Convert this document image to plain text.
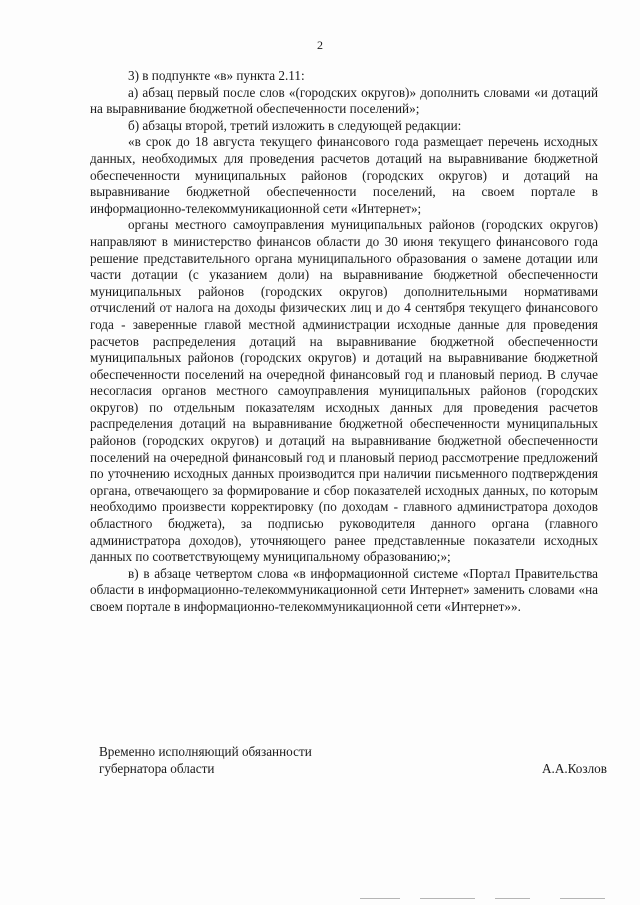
2

3) в подпункте «в» пункта 2.11:

а) абзац первый после слов «(городских округов)» дополнить словами «и дотаций на выравнивание бюджетной обеспеченности поселений»;

б) абзацы второй, третий изложить в следующей редакции:

«в срок до 18 августа текущего финансового года размещает перечень исходных данных, необходимых для проведения расчетов дотаций на выравнивание бюджетной обеспеченности муниципальных районов (городских округов) и дотаций на выравнивание бюджетной обеспеченности поселений, на своем портале в информационно-телекоммуникационной сети «Интернет»;

органы местного самоуправления муниципальных районов (городских округов) направляют в министерство финансов области до 30 июня текущего финансового года решение представительного органа муниципального образования о замене дотации или части дотации (с указанием доли) на выравнивание бюджетной обеспеченности муниципальных районов (городских округов) дополнительными нормативами отчислений от налога на доходы физических лиц и до 4 сентября текущего финансового года - заверенные главой местной администрации исходные данные для проведения расчетов распределения дотаций на выравнивание бюджетной обеспеченности муниципальных районов (городских округов) и дотаций на выравнивание бюджетной обеспеченности поселений на очередной финансовый год и плановый период. В случае несогласия органов местного самоуправления муниципальных районов (городских округов) по отдельным показателям исходных данных для проведения расчетов распределения дотаций на выравнивание бюджетной обеспеченности муниципальных районов (городских округов) и дотаций на выравнивание бюджетной обеспеченности поселений на очередной финансовый год и плановый период рассмотрение предложений по уточнению исходных данных производится при наличии письменного подтверждения органа, отвечающего за формирование и сбор показателей исходных данных, по которым необходимо произвести корректировку (по доходам - главного администратора доходов областного бюджета), за подписью руководителя данного органа (главного администратора доходов), уточняющего ранее представленные показатели исходных данных по соответствующему муниципальному образованию;»;

в) в абзаце четвертом слова «в информационной системе «Портал Правительства области в информационно-телекоммуникационной сети Интернет» заменить словами «на своем портале в информационно-телекоммуникационной сети «Интернет»».

Временно исполняющий обязанности
губернатора области	А.А.Козлов
